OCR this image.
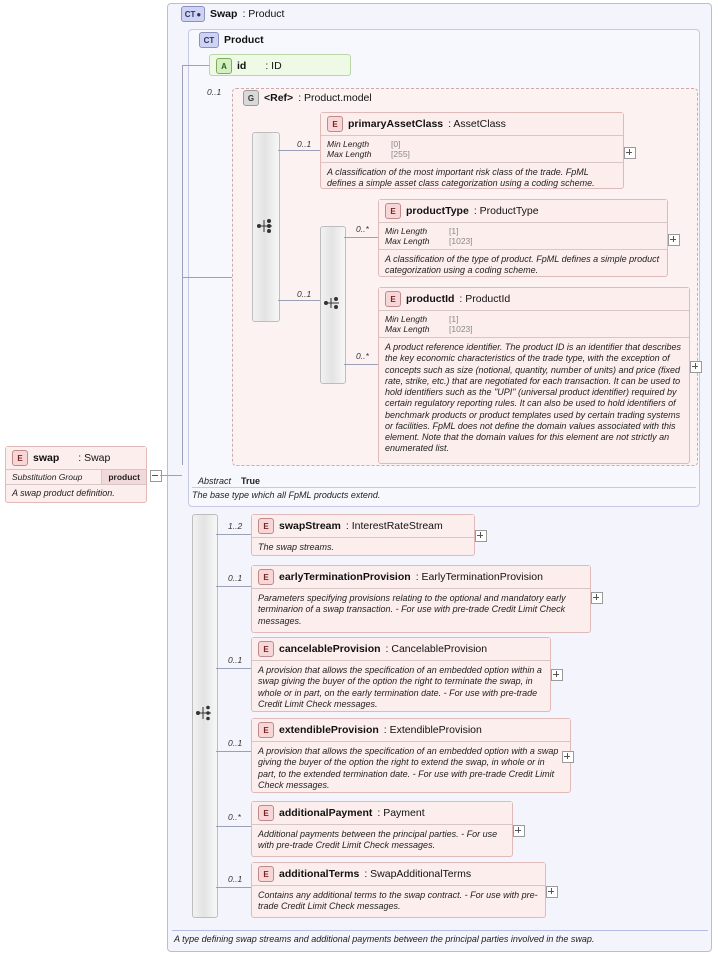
CT ● Swap : Product
CT Product
A id : ID
0..1
G <Ref> : Product.model
0..1
E primaryAssetClass : AssetClass
Min Length	[0]
Max Length	[255]
A classification of the most important risk class of the trade. FpML defines a simple asset class categorization using a coding scheme.
0..1
E productType : ProductType
Min Length	[1]
Max Length	[1023]
A classification of the type of product. FpML defines a simple product categorization using a coding scheme.
0..*
E productId : ProductId
Min Length	[1]
Max Length	[1023]
A product reference identifier. The product ID is an identifier that describes the key economic characteristics of the trade type, with the exception of concepts such as size (notional, quantity, number of units) and price (fixed rate, strike, etc.) that are negotiated for each transaction. It can be used to hold identifiers such as the "UPI" (universal product identifier) required by certain regulatory reporting rules. It can also be used to hold identifiers of benchmark products or product templates used by certain trading systems or facilities. FpML does not define the domain values associated with this element. Note that the domain values for this element are not strictly an enumerated list.
0..*
Abstract True
The base type which all FpML products extend.
E swap : Swap
Substitution Group	product
A swap product definition.
E swapStream : InterestRateStream
The swap streams.
1..2
E earlyTerminationProvision : EarlyTerminationProvision
Parameters specifying provisions relating to the optional and mandatory early terminarion of a swap transaction. - For use with pre-trade Credit Limit Check messages.
0..1
E cancelableProvision : CancelableProvision
A provision that allows the specification of an embedded option within a swap giving the buyer of the option the right to terminate the swap, in whole or in part, on the early termination date. - For use with pre-trade Credit Limit Check messages.
0..1
E extendibleProvision : ExtendibleProvision
A provision that allows the specification of an embedded option with a swap giving the buyer of the option the right to extend the swap, in whole or in part, to the extended termination date. - For use with pre-trade Credit Limit Check messages.
0..1
E additionalPayment : Payment
Additional payments between the principal parties. - For use with pre-trade Credit Limit Check messages.
0..*
E additionalTerms : SwapAdditionalTerms
Contains any additional terms to the swap contract. - For use with pre-trade Credit Limit Check messages.
0..1
A type defining swap streams and additional payments between the principal parties involved in the swap.
